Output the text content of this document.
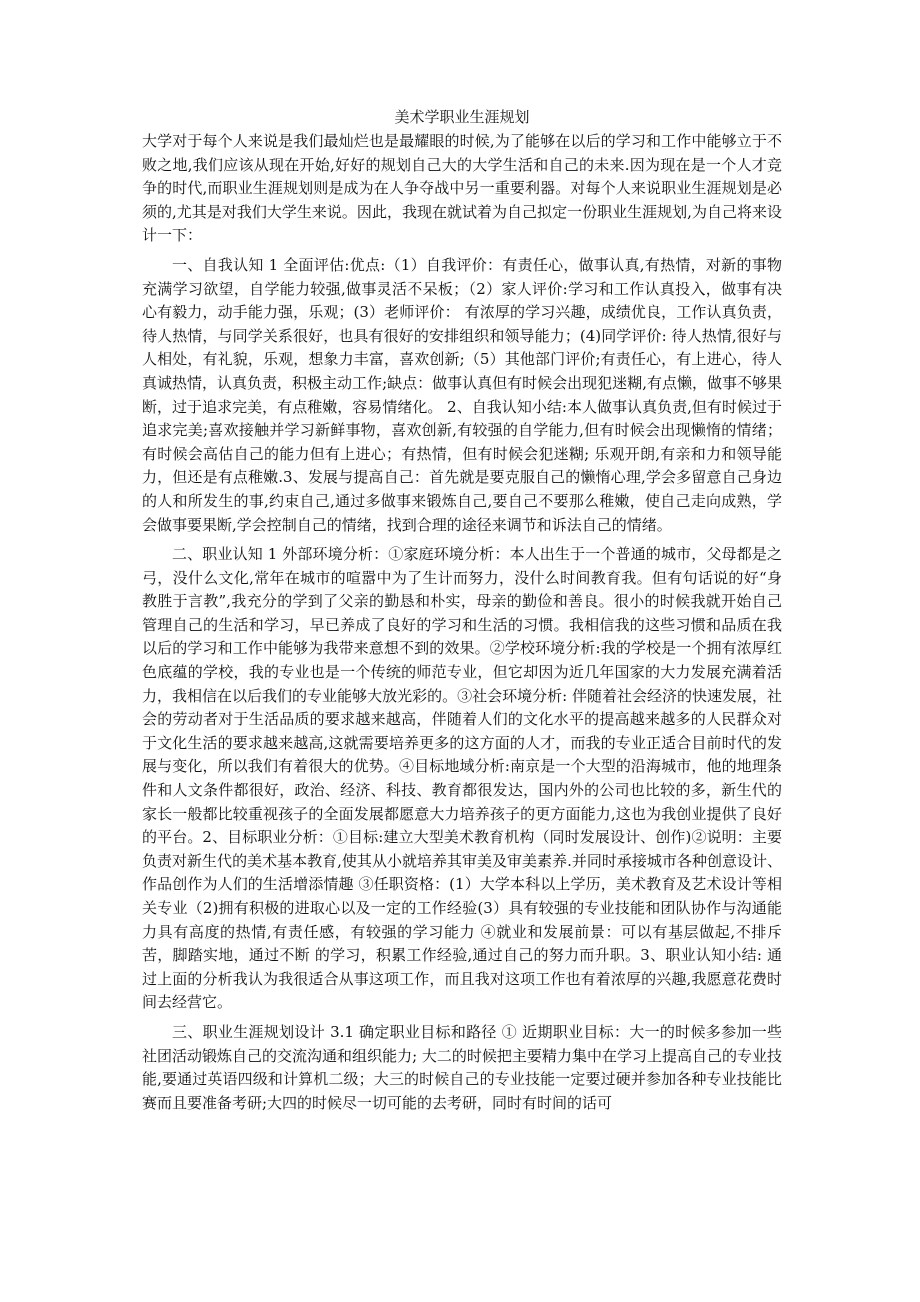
美术学职业生涯规划

大学对于每个人来说是我们最灿烂也是最耀眼的时候,为了能够在以后的学习和工作中能够立于不败之地,我们应该从现在开始,好好的规划自己大的大学生活和自己的未来.因为现在是一个人才竞争的时代,而职业生涯规划则是成为在人争夺战中另一重要利器。对每个人来说职业生涯规划是必须的,尤其是对我们大学生来说。因此，我现在就试着为自己拟定一份职业生涯规划,为自己将来设计一下：

一、自我认知 1 全面评估:优点:（1）自我评价：有责任心，做事认真,有热情，对新的事物充满学习欲望，自学能力较强,做事灵活不呆板；（2）家人评价:学习和工作认真投入，做事有决心有毅力，动手能力强，乐观；(3）老师评价： 有浓厚的学习兴趣，成绩优良，工作认真负责，待人热情，与同学关系很好，也具有很好的安排组织和领导能力；(4)同学评价: 待人热情,很好与人相处，有礼貌，乐观，想象力丰富，喜欢创新;（5）其他部门评价;有责任心，有上进心，待人真诚热情，认真负责，积极主动工作;缺点：做事认真但有时候会出现犯迷糊,有点懒，做事不够果断，过于追求完美，有点稚嫩，容易情绪化。 2、自我认知小结:本人做事认真负责,但有时候过于追求完美;喜欢接触并学习新鲜事物，喜欢创新,有较强的自学能力,但有时候会出现懒惰的情绪；有时候会高估自己的能力但有上进心；有热情，但有时候会犯迷糊; 乐观开朗,有亲和力和领导能力，但还是有点稚嫩.3、发展与提高自己：首先就是要克服自己的懒惰心理,学会多留意自己身边的人和所发生的事,约束自己,通过多做事来锻炼自己,要自己不要那么稚嫩，使自己走向成熟，学会做事要果断,学会控制自己的情绪，找到合理的途径来调节和诉法自己的情绪。

二、职业认知 1 外部环境分析：①家庭环境分析：本人出生于一个普通的城市，父母都是之弓，没什么文化,常年在城市的喧嚣中为了生计而努力，没什么时间教育我。但有句话说的好“身教胜于言教”,我充分的学到了父亲的勤恳和朴实，母亲的勤俭和善良。很小的时候我就开始自己管理自己的生活和学习，早已养成了良好的学习和生活的习惯。我相信我的这些习惯和品质在我以后的学习和工作中能够为我带来意想不到的效果。②学校环境分析:我的学校是一个拥有浓厚红色底蕴的学校，我的专业也是一个传统的师范专业，但它却因为近几年国家的大力发展充满着活力，我相信在以后我们的专业能够大放光彩的。③社会环境分析: 伴随着社会经济的快速发展，社会的劳动者对于生活品质的要求越来越高，伴随着人们的文化水平的提高越来越多的人民群众对于文化生活的要求越来越高,这就需要培养更多的这方面的人才，而我的专业正适合目前时代的发展与变化，所以我们有着很大的优势。④目标地域分析:南京是一个大型的沿海城市，他的地理条件和人文条件都很好，政治、经济、科技、教育都很发达，国内外的公司也比较的多，新生代的家长一般都比较重视孩子的全面发展都愿意大力培养孩子的更方面能力,这也为我创业提供了良好的平台。2、目标职业分析：①目标:建立大型美术教育机构（同时发展设计、创作)②说明：主要负责对新生代的美术基本教育,使其从小就培养其审美及审美素养.并同时承接城市各种创意设计、作品创作为人们的生活增添情趣 ③任职资格：(1）大学本科以上学历，美术教育及艺术设计等相关专业（2)拥有积极的进取心以及一定的工作经验(3）具有较强的专业技能和团队协作与沟通能力具有高度的热情,有责任感，有较强的学习能力 ④就业和发展前景：可以有基层做起,不排斥苦，脚踏实地，通过不断 的学习，积累工作经验,通过自己的努力而升职。3、职业认知小结: 通过上面的分析我认为我很适合从事这项工作，而且我对这项工作也有着浓厚的兴趣,我愿意花费时间去经营它。

三、职业生涯规划设计 3.1 确定职业目标和路径 ① 近期职业目标：大一的时候多参加一些社团活动锻炼自己的交流沟通和组织能力; 大二的时候把主要精力集中在学习上提高自己的专业技能,要通过英语四级和计算机二级；大三的时候自己的专业技能一定要过硬并参加各种专业技能比赛而且要准备考研;大四的时候尽一切可能的去考研，同时有时间的话可
